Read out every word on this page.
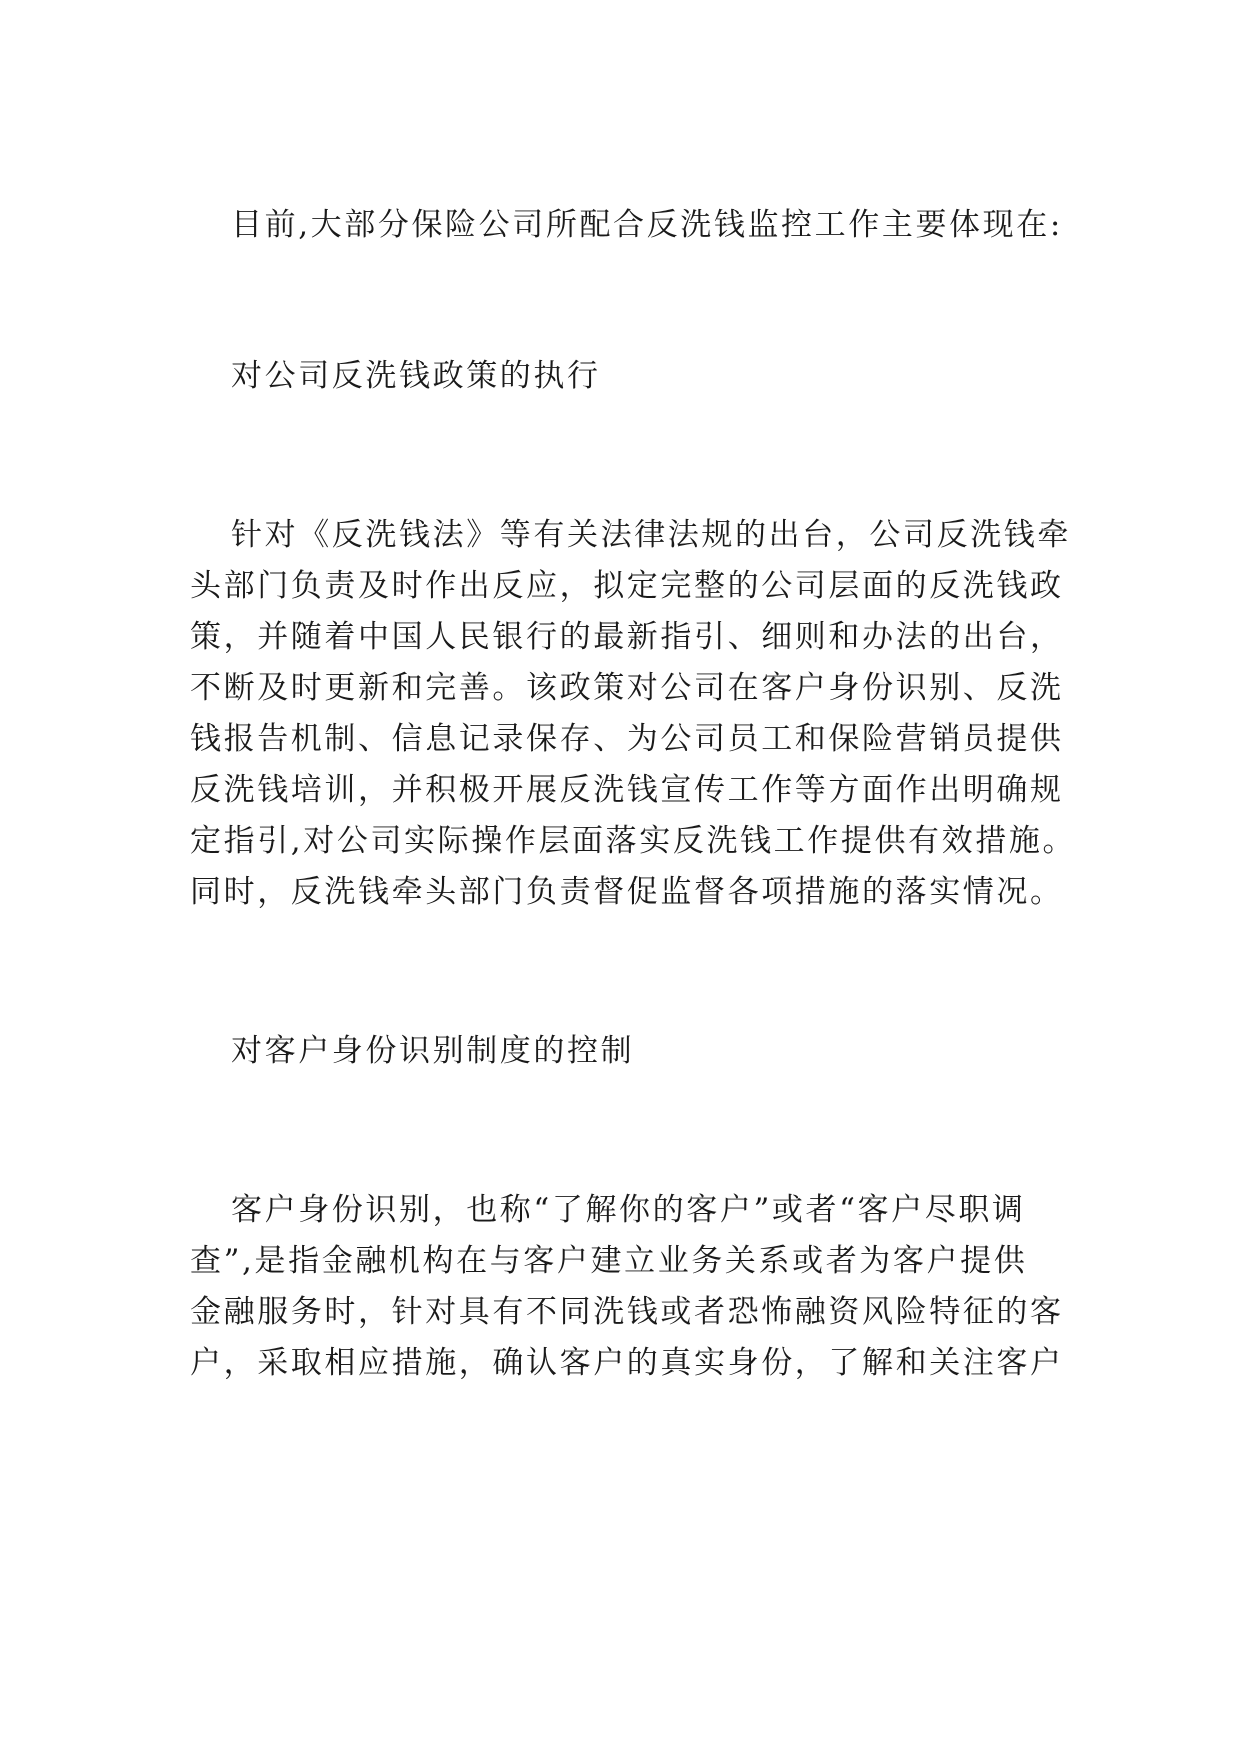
目前,大部分保险公司所配合反洗钱监控工作主要体现在:
对公司反洗钱政策的执行
针对《反洗钱法》等有关法律法规的出台，公司反洗钱牵
头部门负责及时作出反应，拟定完整的公司层面的反洗钱政
策，并随着中国人民银行的最新指引、细则和办法的出台，
不断及时更新和完善。该政策对公司在客户身份识别、反洗
钱报告机制、信息记录保存、为公司员工和保险营销员提供
反洗钱培训，并积极开展反洗钱宣传工作等方面作出明确规
定指引,对公司实际操作层面落实反洗钱工作提供有效措施。
同时，反洗钱牵头部门负责督促监督各项措施的落实情况。
对客户身份识别制度的控制
客户身份识别，也称“了解你的客户”或者“客户尽职调
查”,是指金融机构在与客户建立业务关系或者为客户提供
金融服务时，针对具有不同洗钱或者恐怖融资风险特征的客
户，采取相应措施，确认客户的真实身份，了解和关注客户
